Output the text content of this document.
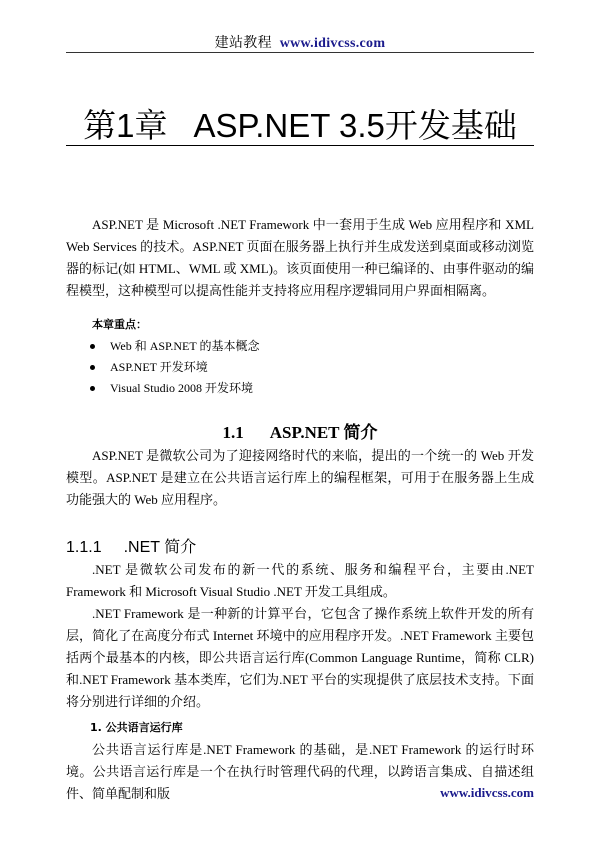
建站教程 www.idivcss.com
第1章 ASP.NET 3.5开发基础

ASP.NET 是 Microsoft .NET Framework 中一套用于生成 Web 应用程序和 XML Web Services 的技术。ASP.NET 页面在服务器上执行并生成发送到桌面或移动浏览器的标记(如 HTML、WML 或 XML)。该页面使用一种已编译的、由事件驱动的编程模型，这种模型可以提高性能并支持将应用程序逻辑同用户界面相隔离。

本章重点：
Web 和 ASP.NET 的基本概念
ASP.NET 开发环境
Visual Studio 2008 开发环境
1.1 ASP.NET 简介

ASP.NET 是微软公司为了迎接网络时代的来临，提出的一个统一的 Web 开发模型。ASP.NET 是建立在公共语言运行库上的编程框架，可用于在服务器上生成功能强大的 Web 应用程序。

1.1.1 .NET 简介

.NET 是微软公司发布的新一代的系统、服务和编程平台，主要由.NET Framework 和 Microsoft Visual Studio .NET 开发工具组成。

.NET Framework 是一种新的计算平台，它包含了操作系统上软件开发的所有层，简化了在高度分布式 Internet 环境中的应用程序开发。.NET Framework 主要包括两个最基本的内核，即公共语言运行库(Common Language Runtime，简称 CLR)和.NET Framework 基本类库，它们为.NET 平台的实现提供了底层技术支持。下面将分别进行详细的介绍。

1. 公共语言运行库

公共语言运行库是.NET Framework 的基础，是.NET Framework 的运行时环境。公共语言运行库是一个在执行时管理代码的代理，以跨语言集成、自描述组件、简单配制和版	www.idivcss.com
